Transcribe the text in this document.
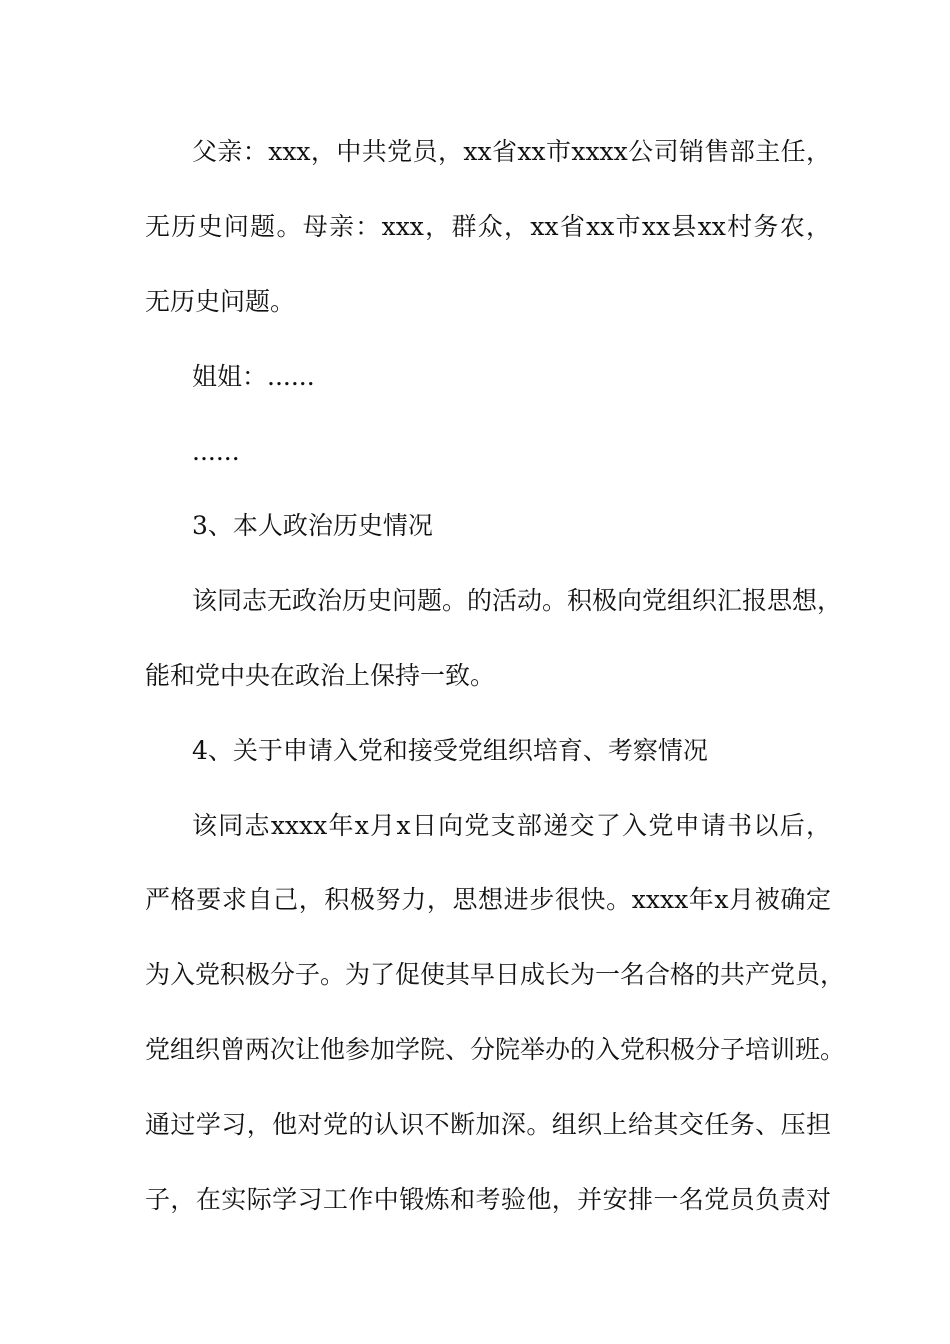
父亲：xxx，中共党员，xx省xx市xxxx公司销售部主任，
无历史问题。母亲：xxx，群众，xx省xx市xx县xx村务农，
无历史问题。
姐姐：......
......
3、本人政治历史情况
该同志无政治历史问题。的活动。积极向党组织汇报思想，
能和党中央在政治上保持一致。
4、关于申请入党和接受党组织培育、考察情况
该同志xxxx年x月x日向党支部递交了入党申请书以后，
严格要求自己，积极努力，思想进步很快。xxxx年x月被确定
为入党积极分子。为了促使其早日成长为一名合格的共产党员，
党组织曾两次让他参加学院、分院举办的入党积极分子培训班。
通过学习，他对党的认识不断加深。组织上给其交任务、压担
子，在实际学习工作中锻炼和考验他，并安排一名党员负责对
